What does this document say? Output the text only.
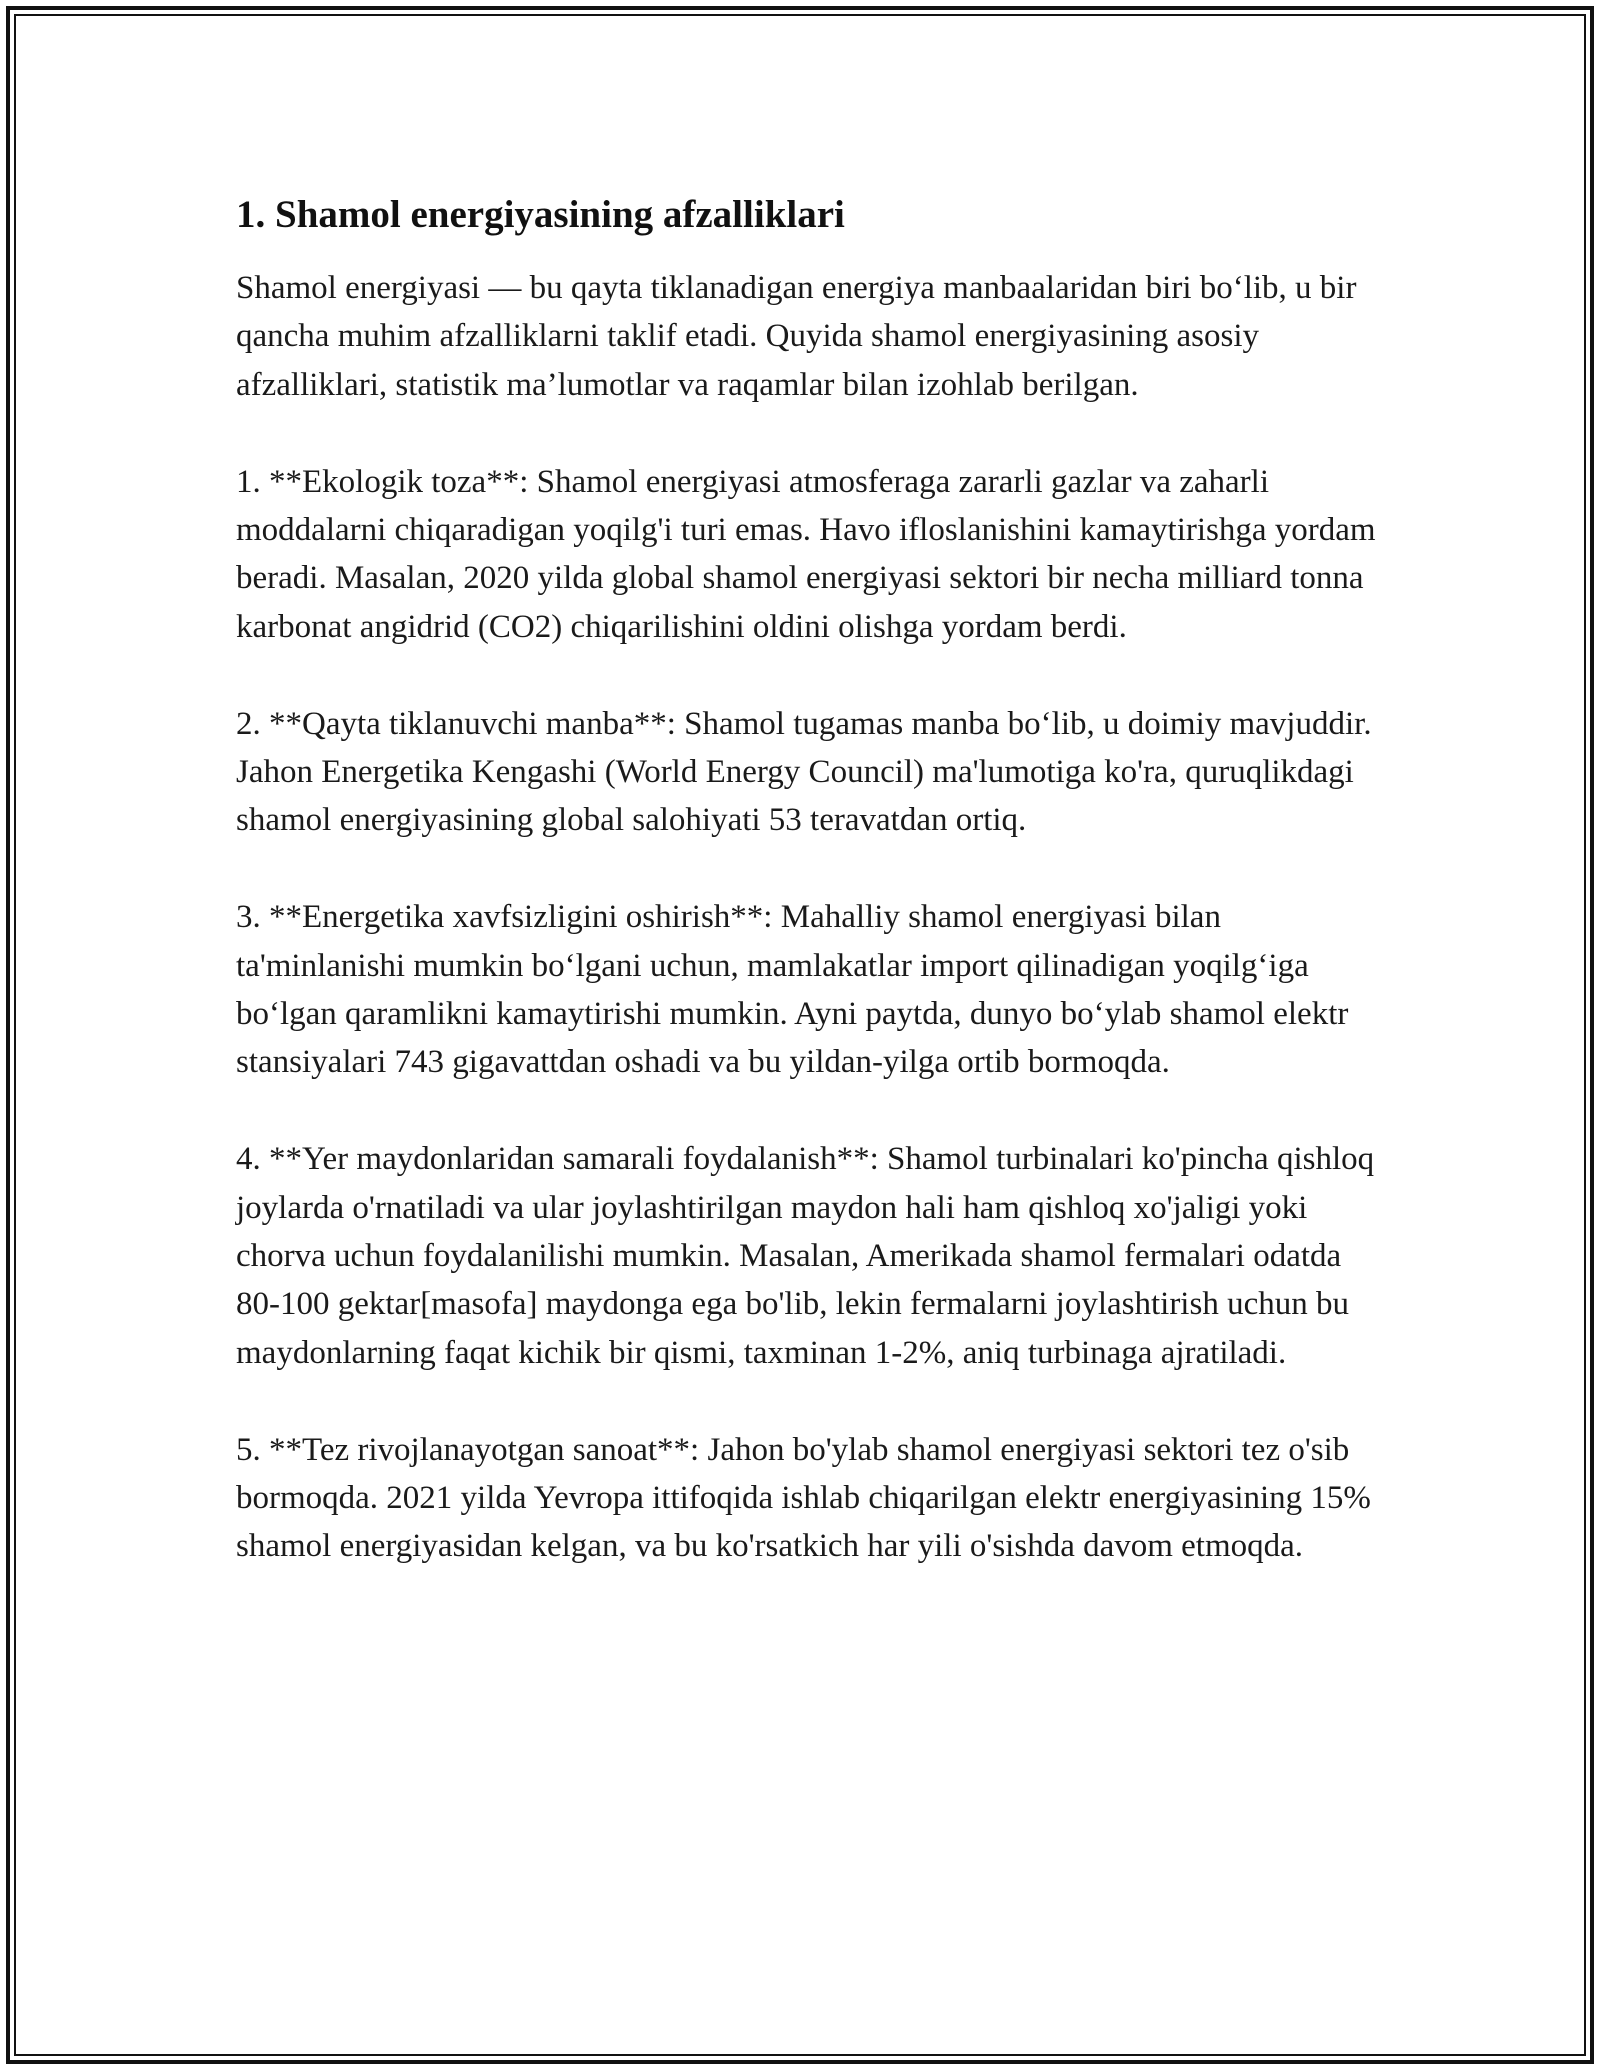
1. Shamol energiyasining afzalliklari

Shamol energiyasi — bu qayta tiklanadigan energiya manbaalaridan biri bo‘lib, u bir qancha muhim afzalliklarni taklif etadi. Quyida shamol energiyasining asosiy afzalliklari, statistik ma’lumotlar va raqamlar bilan izohlab berilgan.

1. **Ekologik toza**: Shamol energiyasi atmosferaga zararli gazlar va zaharli moddalarni chiqaradigan yoqilg'i turi emas. Havo ifloslanishini kamaytirishga yordam beradi. Masalan, 2020 yilda global shamol energiyasi sektori bir necha milliard tonna karbonat angidrid (CO2) chiqarilishini oldini olishga yordam berdi.

2. **Qayta tiklanuvchi manba**: Shamol tugamas manba bo‘lib, u doimiy mavjuddir. Jahon Energetika Kengashi (World Energy Council) ma'lumotiga ko'ra, quruqlikdagi shamol energiyasining global salohiyati 53 teravatdan ortiq.

3. **Energetika xavfsizligini oshirish**: Mahalliy shamol energiyasi bilan ta'minlanishi mumkin bo‘lgani uchun, mamlakatlar import qilinadigan yoqilg‘iga bo‘lgan qaramlikni kamaytirishi mumkin. Ayni paytda, dunyo bo‘ylab shamol elektr stansiyalari 743 gigavattdan oshadi va bu yildan-yilga ortib bormoqda.

4. **Yer maydonlaridan samarali foydalanish**: Shamol turbinalari ko'pincha qishloq joylarda o'rnatiladi va ular joylashtirilgan maydon hali ham qishloq xo'jaligi yoki chorva uchun foydalanilishi mumkin. Masalan, Amerikada shamol fermalari odatda 80-100 gektar[masofa] maydonga ega bo'lib, lekin fermalarni joylashtirish uchun bu maydonlarning faqat kichik bir qismi, taxminan 1-2%, aniq turbinaga ajratiladi.

5. **Tez rivojlanayotgan sanoat**: Jahon bo'ylab shamol energiyasi sektori tez o'sib bormoqda. 2021 yilda Yevropa ittifoqida ishlab chiqarilgan elektr energiyasining 15% shamol energiyasidan kelgan, va bu ko'rsatkich har yili o'sishda davom etmoqda.
